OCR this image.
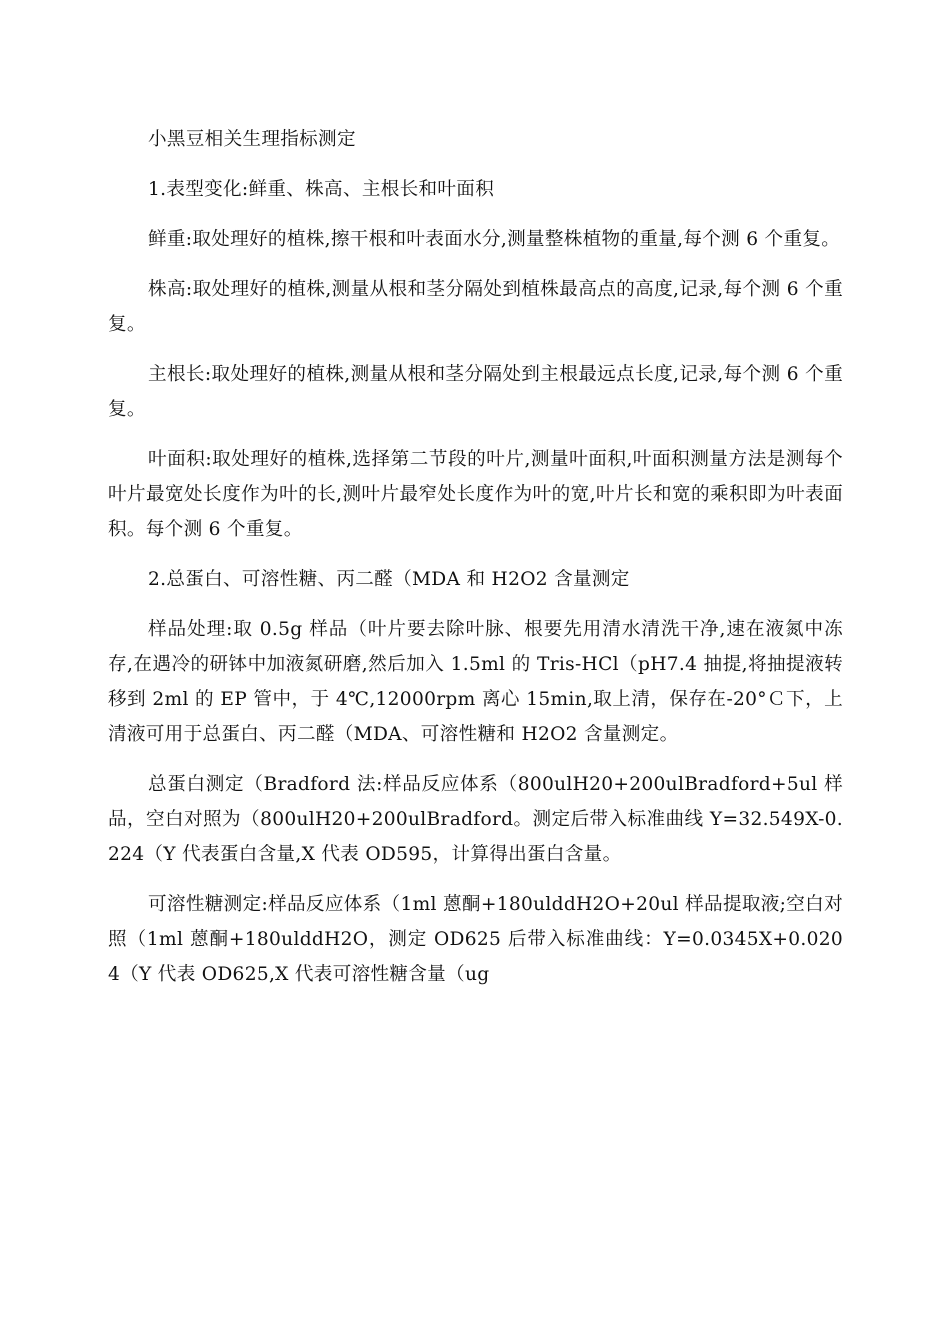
小黑豆相关生理指标测定

1.表型变化:鲜重、株高、主根长和叶面积

鲜重:取处理好的植株,擦干根和叶表面水分,测量整株植物的重量,每个测 6 个重复。

株高:取处理好的植株,测量从根和茎分隔处到植株最高点的高度,记录,每个测 6 个重复。

主根长:取处理好的植株,测量从根和茎分隔处到主根最远点长度,记录,每个测 6 个重复。

叶面积:取处理好的植株,选择第二节段的叶片,测量叶面积,叶面积测量方法是测每个叶片最宽处长度作为叶的长,测叶片最窄处长度作为叶的宽,叶片长和宽的乘积即为叶表面积。每个测 6 个重复。

2.总蛋白、可溶性糖、丙二醛（MDA 和 H2O2 含量测定

样品处理:取 0.5g 样品（叶片要去除叶脉、根要先用清水清洗干净,速在液氮中冻存,在遇冷的研钵中加液氮研磨,然后加入 1.5ml 的 Tris-HCl（pH7.4 抽提,将抽提液转移到 2ml 的 EP 管中，于 4℃,12000rpm 离心 15min,取上清，保存在-20°Ｃ下，上清液可用于总蛋白、丙二醛（MDA、可溶性糖和 H2O2 含量测定。

总蛋白测定（Bradford 法:样品反应体系（800ulH20+200ulBradford+5ul 样品，空白对照为（800ulH20+200ulBradford。测定后带入标准曲线 Y=32.549X-0.224（Y 代表蛋白含量,X 代表 OD595，计算得出蛋白含量。

可溶性糖测定:样品反应体系（1ml 蒽酮+180ulddH2O+20ul 样品提取液;空白对照（1ml 蒽酮+180ulddH2O，测定 OD625 后带入标准曲线：Y=0.0345X+0.0204（Y 代表 OD625,X 代表可溶性糖含量（ug
